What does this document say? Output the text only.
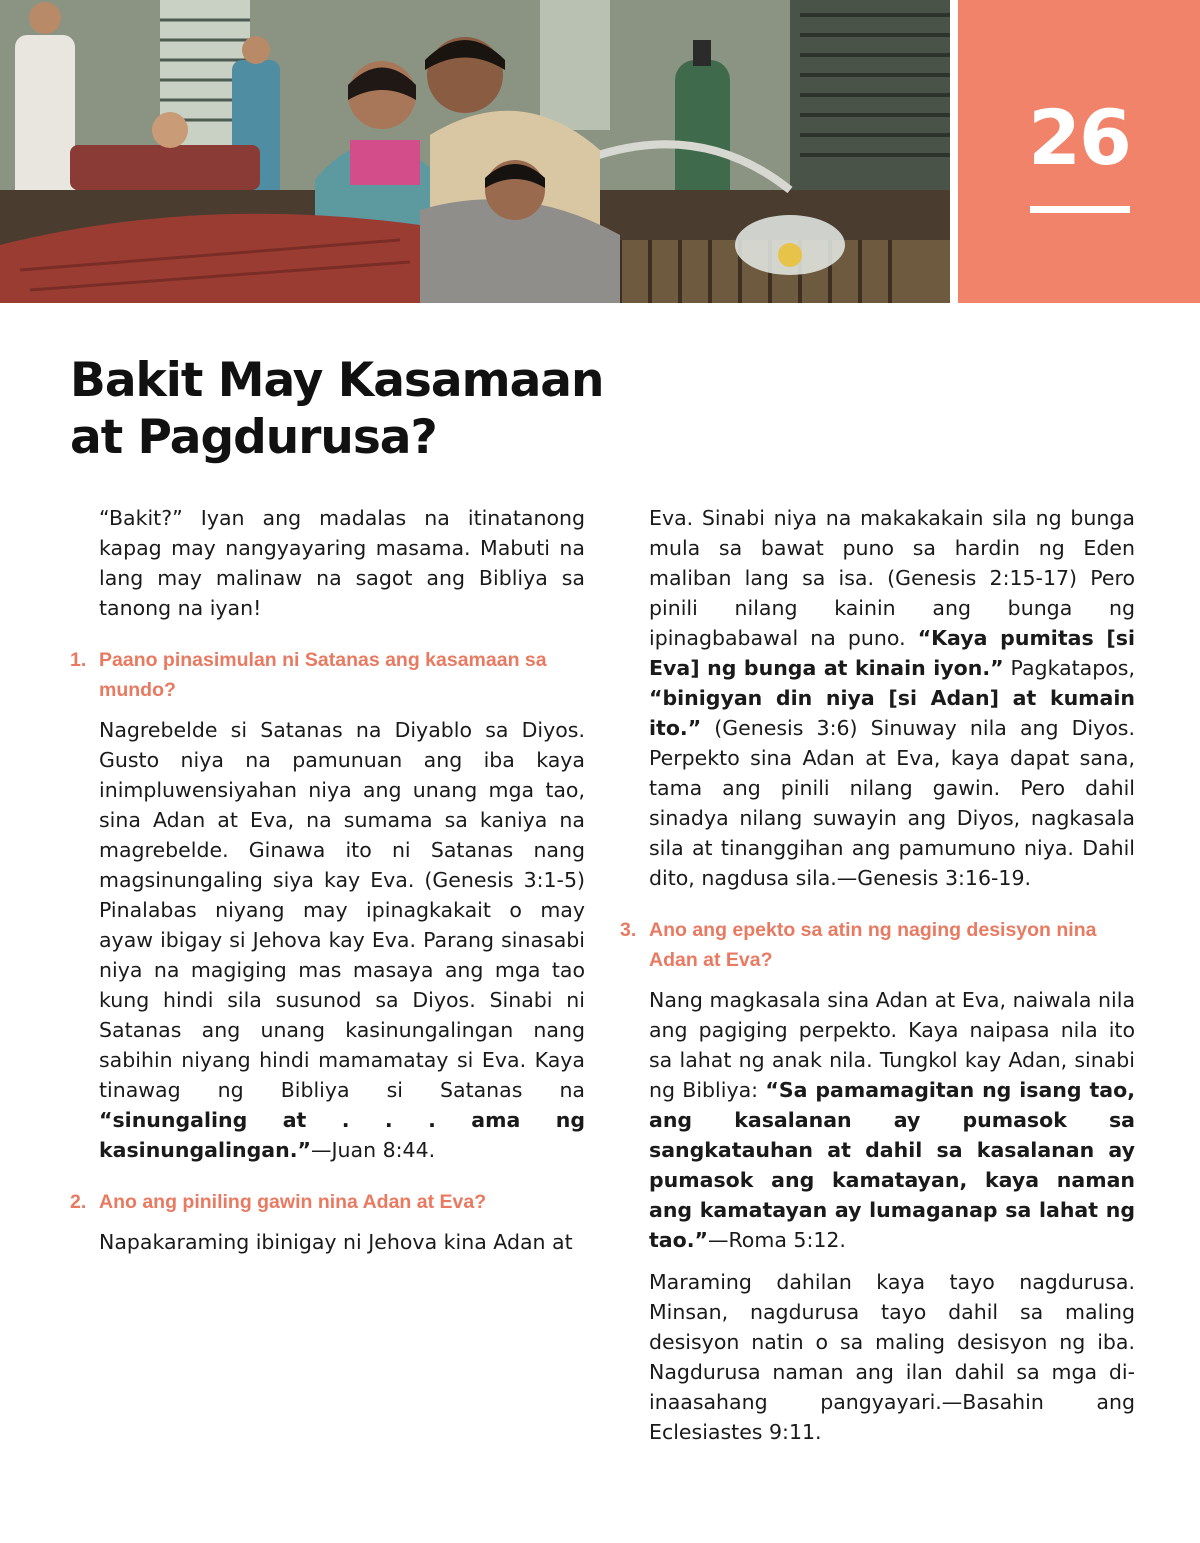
26
Bakit May Kasamaan
at Pagdurusa?

“Bakit?” Iyan ang madalas na itinatanong kapag may nangyayaring masama. Mabuti na lang may malinaw na sagot ang Bibliya sa tanong na iyan!

1. Paano pinasimulan ni Satanas ang kasamaan sa mundo?

Nagrebelde si Satanas na Diyablo sa Diyos. Gusto niya na pamunuan ang iba kaya inimpluwensiyahan niya ang unang mga tao, sina Adan at Eva, na sumama sa kaniya na magrebelde. Ginawa ito ni Satanas nang magsinungaling siya kay Eva. (Genesis 3:1-5) Pinalabas niyang may ipinagkakait o may ayaw ibigay si Jehova kay Eva. Parang sinasabi niya na magiging mas masaya ang mga tao kung hindi sila susunod sa Diyos. Sinabi ni Satanas ang unang kasinungalingan nang sabihin niyang hindi mamamatay si Eva. Kaya tinawag ng Bibliya si Satanas na “sinungaling at . . . ama ng kasinungalingan.”—Juan 8:44.

2. Ano ang piniling gawin nina Adan at Eva?

Napakaraming ibinigay ni Jehova kina Adan at

Eva. Sinabi niya na makakakain sila ng bunga mula sa bawat puno sa hardin ng Eden maliban lang sa isa. (Genesis 2:15-17) Pero pinili nilang kainin ang bunga ng ipinagbabawal na puno. “Kaya pumitas [si Eva] ng bunga at kinain iyon.” Pagkatapos, “binigyan din niya [si Adan] at kumain ito.” (Genesis 3:6) Sinuway nila ang Diyos. Perpekto sina Adan at Eva, kaya dapat sana, tama ang pinili nilang gawin. Pero dahil sinadya nilang suwayin ang Diyos, nagkasala sila at tinanggihan ang pamumuno niya. Dahil dito, nagdusa sila.—Genesis 3:16-19.

3. Ano ang epekto sa atin ng naging desisyon nina Adan at Eva?

Nang magkasala sina Adan at Eva, naiwala nila ang pagiging perpekto. Kaya naipasa nila ito sa lahat ng anak nila. Tungkol kay Adan, sinabi ng Bibliya: “Sa pamamagitan ng isang tao, ang kasalanan ay pumasok sa sangkatauhan at dahil sa kasalanan ay pumasok ang kamatayan, kaya naman ang kamatayan ay lumaganap sa lahat ng tao.”—Roma 5:12.

Maraming dahilan kaya tayo nagdurusa. Minsan, nagdurusa tayo dahil sa maling desisyon natin o sa maling desisyon ng iba. Nagdurusa naman ang ilan dahil sa mga di-inaasahang pangyayari.—Basahin ang Eclesiastes 9:11.
